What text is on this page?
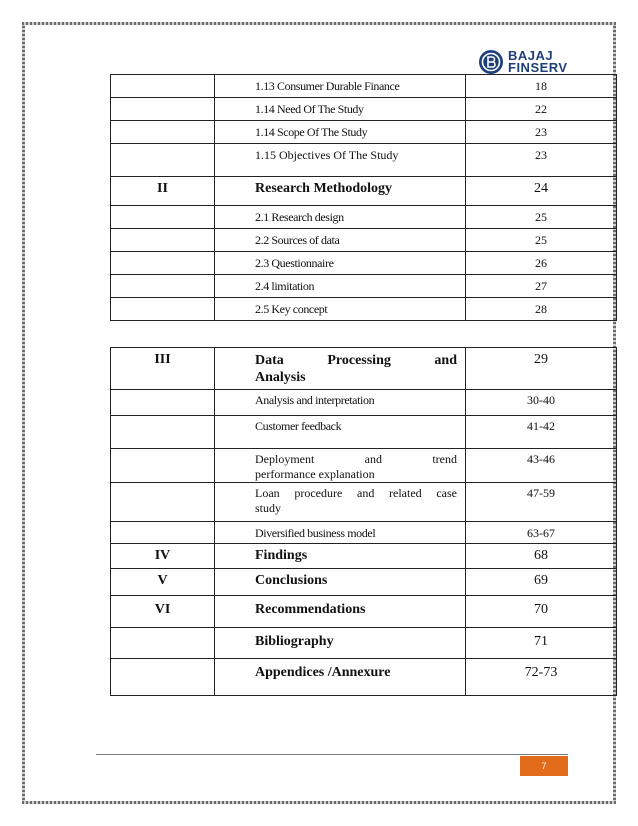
BAJAJ
FINSERV
	1.13 Consumer Durable Finance	18
	1.14 Need Of The Study	22
	1.14 Scope Of The Study	23
	1.15 Objectives Of The Study	23
II	Research Methodology	24
	2.1 Research design	25
	2.2 Sources of data	25
	2.3 Questionnaire	26
	2.4 limitation	27
	2.5 Key concept	28
III	Data Processing and
Analysis	29
	Analysis and interpretation	30-40
	Customer feedback	41-42

	Deployment and trend
performance explanation	43-46

	Loan procedure and related case
study	47-59
	Diversified business model	63-67
IV	Findings	68
V	Conclusions	69
VI	Recommendations	70
	Bibliography	71
	Appendices /Annexure	72-73
7
